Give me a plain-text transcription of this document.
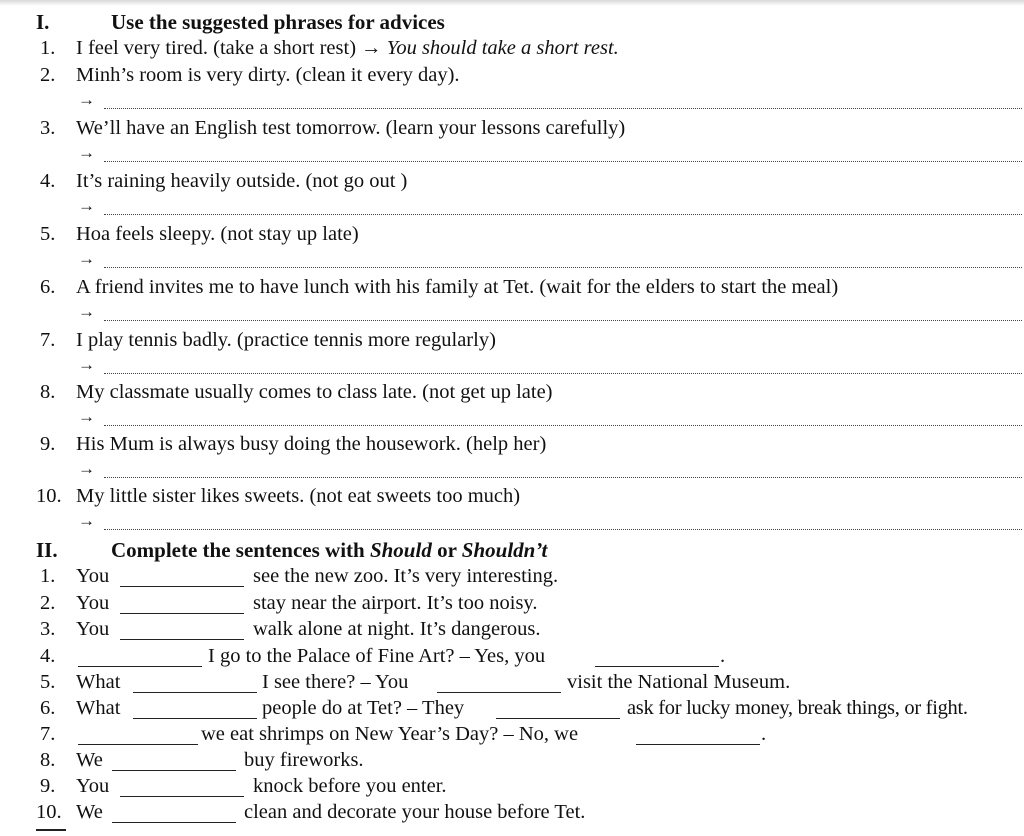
I.	Use the suggested phrases for advices
1. I feel very tired. (take a short rest) → You should take a short rest.
2. Minh’s room is very dirty. (clean it every day).
→
3. We’ll have an English test tomorrow. (learn your lessons carefully)
→
4. It’s raining heavily outside. (not go out )
→
5. Hoa feels sleepy. (not stay up late)
→
6. A friend invites me to have lunch with his family at Tet. (wait for the elders to start the meal)
→
7. I play tennis badly. (practice tennis more regularly)
→
8. My classmate usually comes to class late. (not get up late)
→
9. His Mum is always busy doing the housework. (help her)
→
10. My little sister likes sweets. (not eat sweets too much)
→
II.	Complete the sentences with Should or Shouldn’t
1. You	see the new zoo. It’s very interesting.
2. You	stay near the airport. It’s too noisy.
3. You	walk alone at night. It’s dangerous.
4.	I go to the Palace of Fine Art? – Yes, you	.
5. What	I see there? – You	visit the National Museum.
6. What	people do at Tet? – They	ask for lucky money, break things, or fight.
7.	we eat shrimps on New Year’s Day? – No, we	.
8. We	buy fireworks.
9. You	knock before you enter.
10. We	clean and decorate your house before Tet.
